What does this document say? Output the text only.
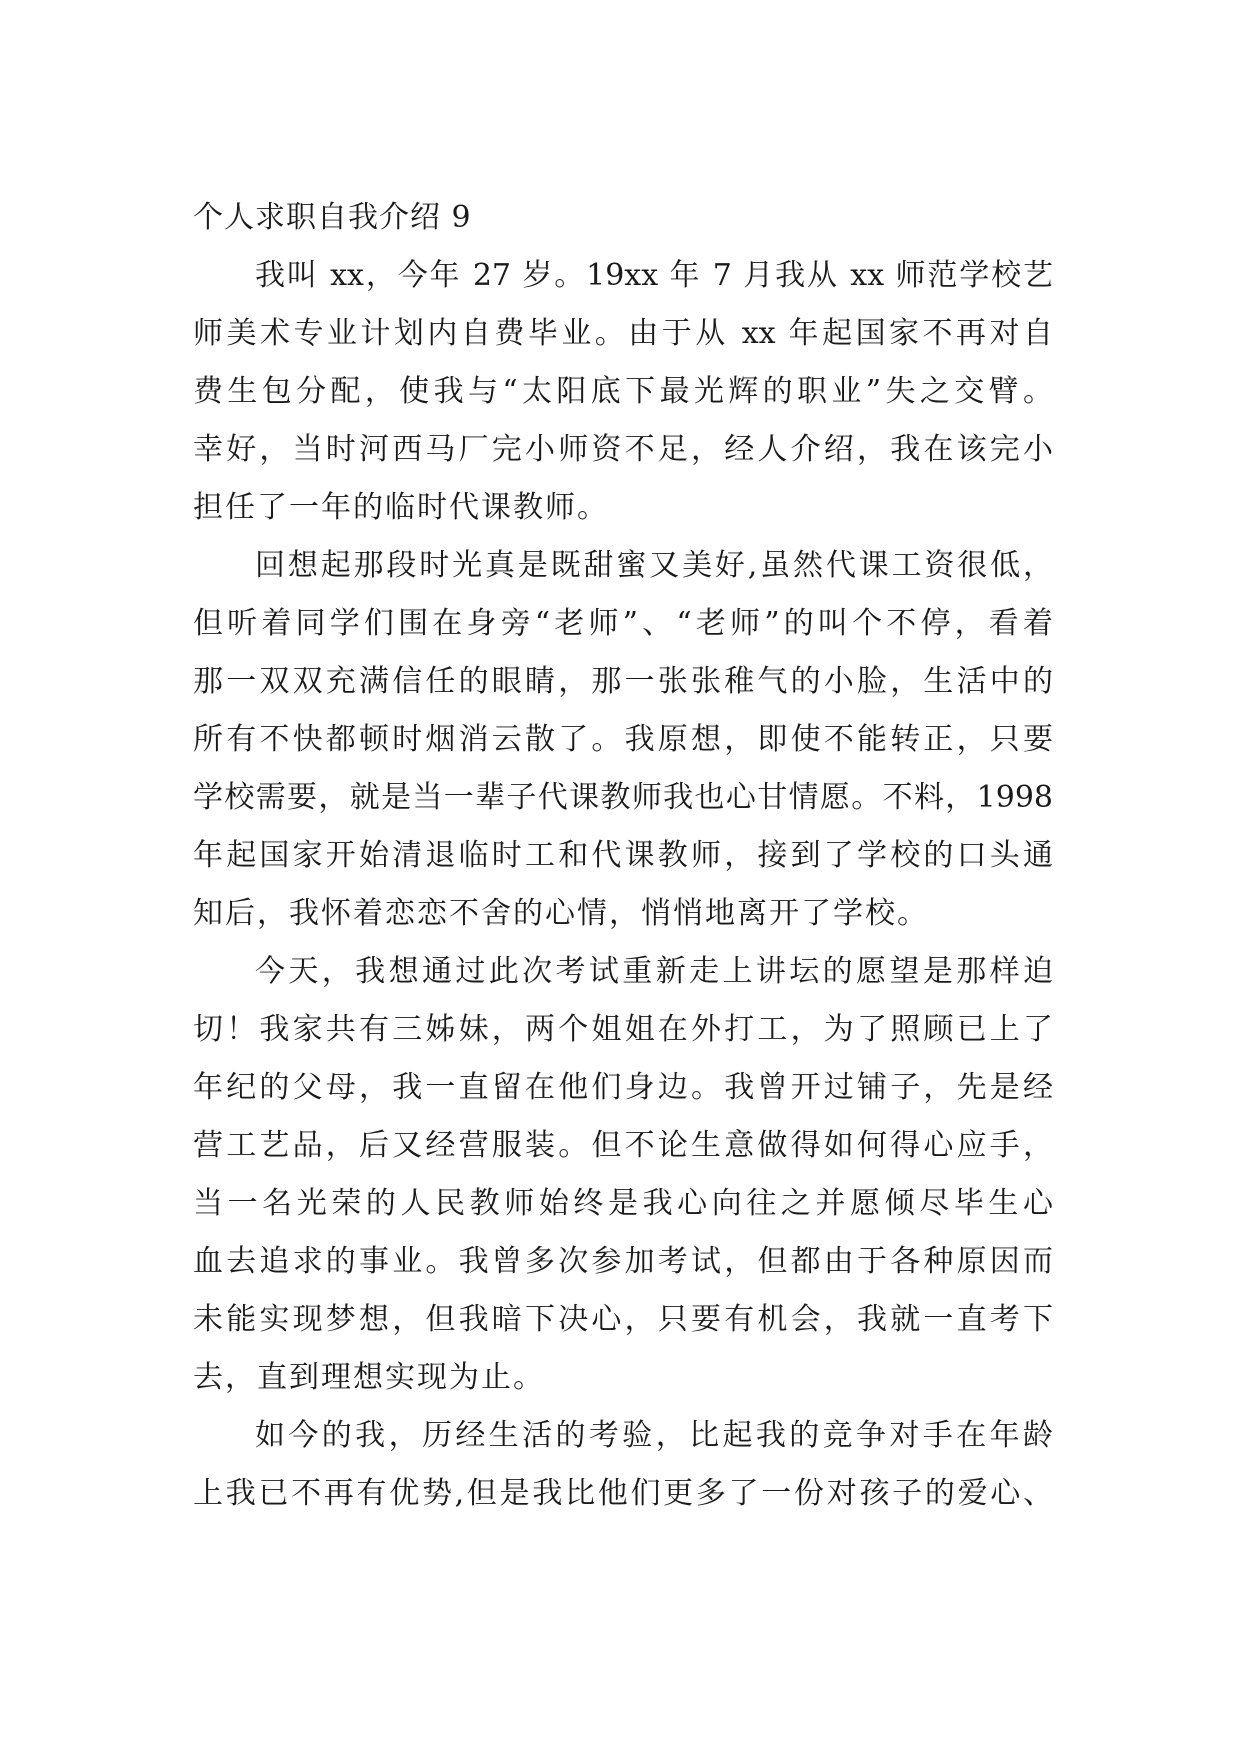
个人求职自我介绍 9
我叫 xx，今年 27 岁。19xx 年 7 月我从 xx 师范学校艺
师美术专业计划内自费毕业。由于从 xx 年起国家不再对自
费生包分配，使我与“太阳底下最光辉的职业”失之交臂。
幸好，当时河西马厂完小师资不足，经人介绍，我在该完小
担任了一年的临时代课教师。
回想起那段时光真是既甜蜜又美好,虽然代课工资很低，
但听着同学们围在身旁“老师”、“老师”的叫个不停，看着
那一双双充满信任的眼睛，那一张张稚气的小脸，生活中的
所有不快都顿时烟消云散了。我原想，即使不能转正，只要
学校需要，就是当一辈子代课教师我也心甘情愿。不料，1998
年起国家开始清退临时工和代课教师，接到了学校的口头通
知后，我怀着恋恋不舍的心情，悄悄地离开了学校。
今天，我想通过此次考试重新走上讲坛的愿望是那样迫
切！我家共有三姊妹，两个姐姐在外打工，为了照顾已上了
年纪的父母，我一直留在他们身边。我曾开过铺子，先是经
营工艺品，后又经营服装。但不论生意做得如何得心应手，
当一名光荣的人民教师始终是我心向往之并愿倾尽毕生心
血去追求的事业。我曾多次参加考试，但都由于各种原因而
未能实现梦想，但我暗下决心，只要有机会，我就一直考下
去，直到理想实现为止。
如今的我，历经生活的考验，比起我的竞争对手在年龄
上我已不再有优势,但是我比他们更多了一份对孩子的爱心、
